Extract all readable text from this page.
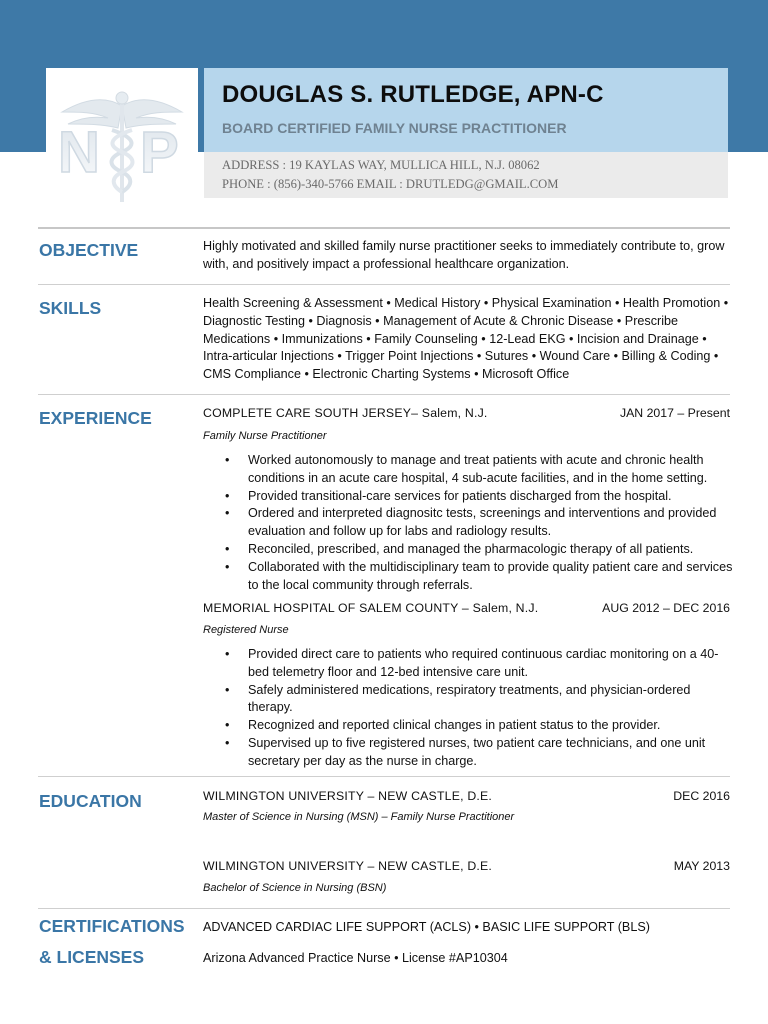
N P
DOUGLAS S. RUTLEDGE, APN-C
BOARD CERTIFIED FAMILY NURSE PRACTITIONER
ADDRESS : 19 KAYLAS WAY, MULLICA HILL, N.J. 08062
PHONE : (856)-340-5766 EMAIL : DRUTLEDG@GMAIL.COM
OBJECTIVE	Highly motivated and skilled family nurse practitioner seeks to immediately contribute to, grow with, and positively impact a professional healthcare organization.
SKILLS	Health Screening & Assessment • Medical History • Physical Examination • Health Promotion • Diagnostic Testing • Diagnosis • Management of Acute & Chronic Disease • Prescribe Medications • Immunizations • Family Counseling • 12-Lead EKG • Incision and Drainage • Intra-articular Injections • Trigger Point Injections • Sutures • Wound Care • Billing & Coding • CMS Compliance • Electronic Charting Systems • Microsoft Office
EXPERIENCE	COMPLETE CARE SOUTH JERSEY– Salem, N.J.	JAN 2017 – Present
Family Nurse Practitioner
• Worked autonomously to manage and treat patients with acute and chronic health conditions in an acute care hospital, 4 sub-acute facilities, and in the home setting.
• Provided transitional-care services for patients discharged from the hospital.
• Ordered and interpreted diagnositc tests, screenings and interventions and provided evaluation and follow up for labs and radiology results.
• Reconciled, prescribed, and managed the pharmacologic therapy of all patients.
• Collaborated with the multidisciplinary team to provide quality patient care and services to the local community through referrals.
MEMORIAL HOSPITAL OF SALEM COUNTY – Salem, N.J.	AUG 2012 – DEC 2016
Registered Nurse
• Provided direct care to patients who required continuous cardiac monitoring on a 40-bed telemetry floor and 12-bed intensive care unit.
• Safely administered medications, respiratory treatments, and physician-ordered therapy.
• Recognized and reported clinical changes in patient status to the provider.
• Supervised up to five registered nurses, two patient care technicians, and one unit secretary per day as the nurse in charge.
EDUCATION	WILMINGTON UNIVERSITY – NEW CASTLE, D.E.	DEC 2016
Master of Science in Nursing (MSN) – Family Nurse Practitioner
WILMINGTON UNIVERSITY – NEW CASTLE, D.E.	MAY 2013
Bachelor of Science in Nursing (BSN)
CERTIFICATIONS
& LICENSES
ADVANCED CARDIAC LIFE SUPPORT (ACLS) • BASIC LIFE SUPPORT (BLS)
Arizona Advanced Practice Nurse • License #AP10304
